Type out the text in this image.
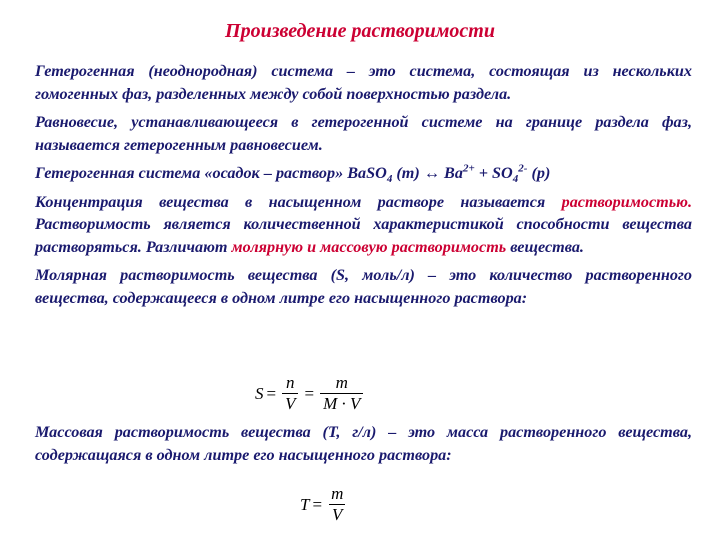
Произведение растворимости

Гетерогенная (неоднородная) система – это система, состоящая из нескольких гомогенных фаз, разделенных между собой поверхностью раздела.

Равновесие, устанавливающееся в гетерогенной системе на границе раздела фаз, называется гетерогенным равновесием.

Гетерогенная система «осадок – раствор» BaSO$_4$ (т) ↔ $Ba^{2+} + SO_4^{2-}$ (р)

Концентрация вещества в насыщенном растворе называется растворимостью. Растворимость является количественной характеристикой способности вещества растворяться. Различают молярную и массовую растворимость вещества.

Молярная растворимость вещества (S, моль/л) – это количество растворенного вещества, содержащееся в одном литре его насыщенного раствора:

$S = \frac{n}{V} = \frac{m}{M \cdot V}$

Массовая растворимость вещества (T, г/л) – это масса растворенного вещества, содержащаяся в одном литре его насыщенного раствора:

$T = \frac{m}{V}$
